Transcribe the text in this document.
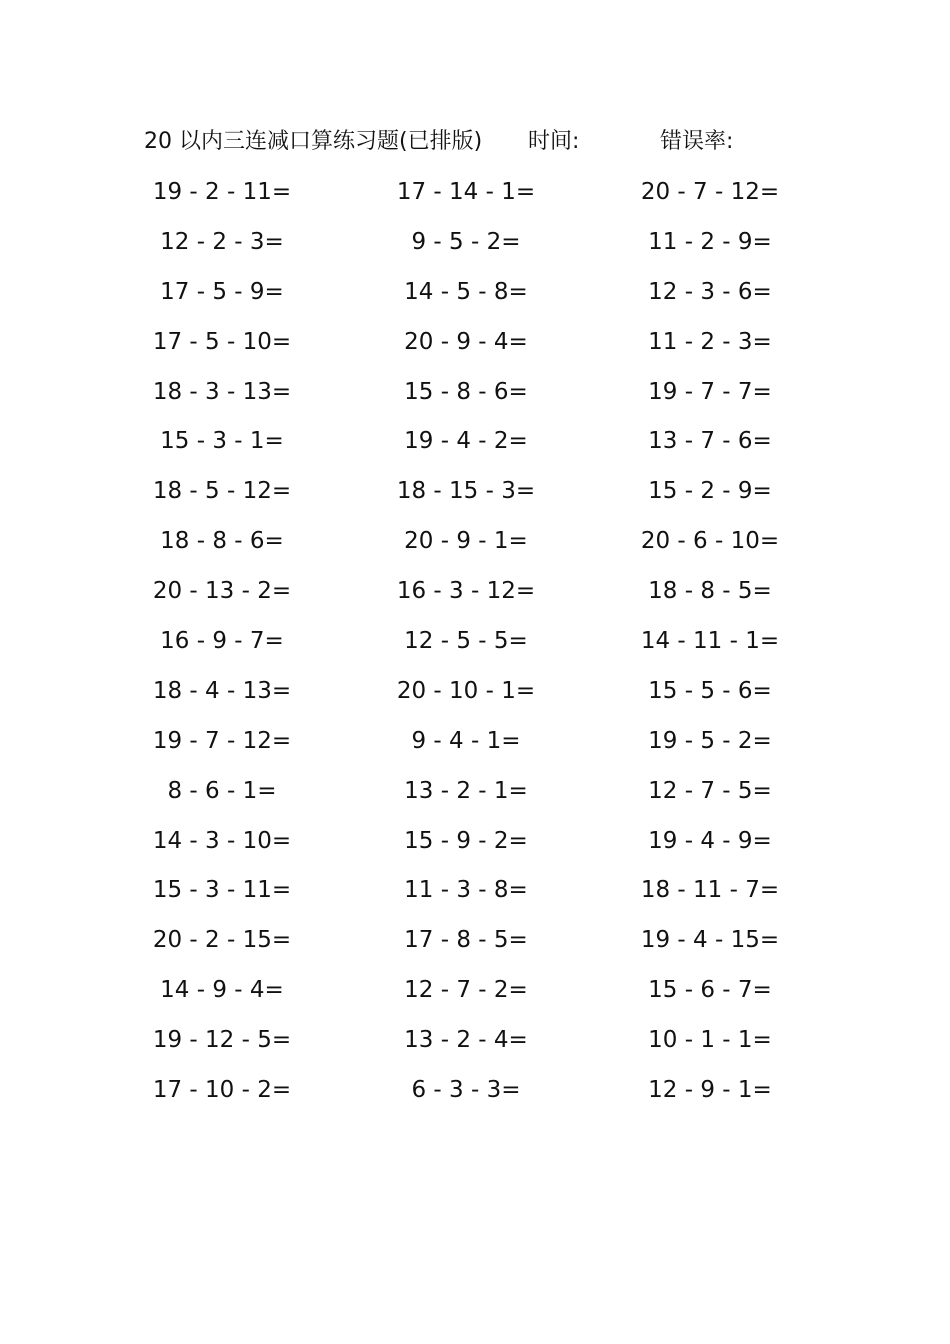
20 以内三连减口算练习题(已排版) 时间:	错误率:
19 - 2 - 11=	17 - 14 - 1=	20 - 7 - 12=
12 - 2 - 3=	9 - 5 - 2=	11 - 2 - 9=
17 - 5 - 9=	14 - 5 - 8=	12 - 3 - 6=
17 - 5 - 10=	20 - 9 - 4=	11 - 2 - 3=
18 - 3 - 13=	15 - 8 - 6=	19 - 7 - 7=
15 - 3 - 1=	19 - 4 - 2=	13 - 7 - 6=
18 - 5 - 12=	18 - 15 - 3=	15 - 2 - 9=
18 - 8 - 6=	20 - 9 - 1=	20 - 6 - 10=
20 - 13 - 2=	16 - 3 - 12=	18 - 8 - 5=
16 - 9 - 7=	12 - 5 - 5=	14 - 11 - 1=
18 - 4 - 13=	20 - 10 - 1=	15 - 5 - 6=
19 - 7 - 12=	9 - 4 - 1=	19 - 5 - 2=
8 - 6 - 1=	13 - 2 - 1=	12 - 7 - 5=
14 - 3 - 10=	15 - 9 - 2=	19 - 4 - 9=
15 - 3 - 11=	11 - 3 - 8=	18 - 11 - 7=
20 - 2 - 15=	17 - 8 - 5=	19 - 4 - 15=
14 - 9 - 4=	12 - 7 - 2=	15 - 6 - 7=
19 - 12 - 5=	13 - 2 - 4=	10 - 1 - 1=
17 - 10 - 2=	6 - 3 - 3=	12 - 9 - 1=
